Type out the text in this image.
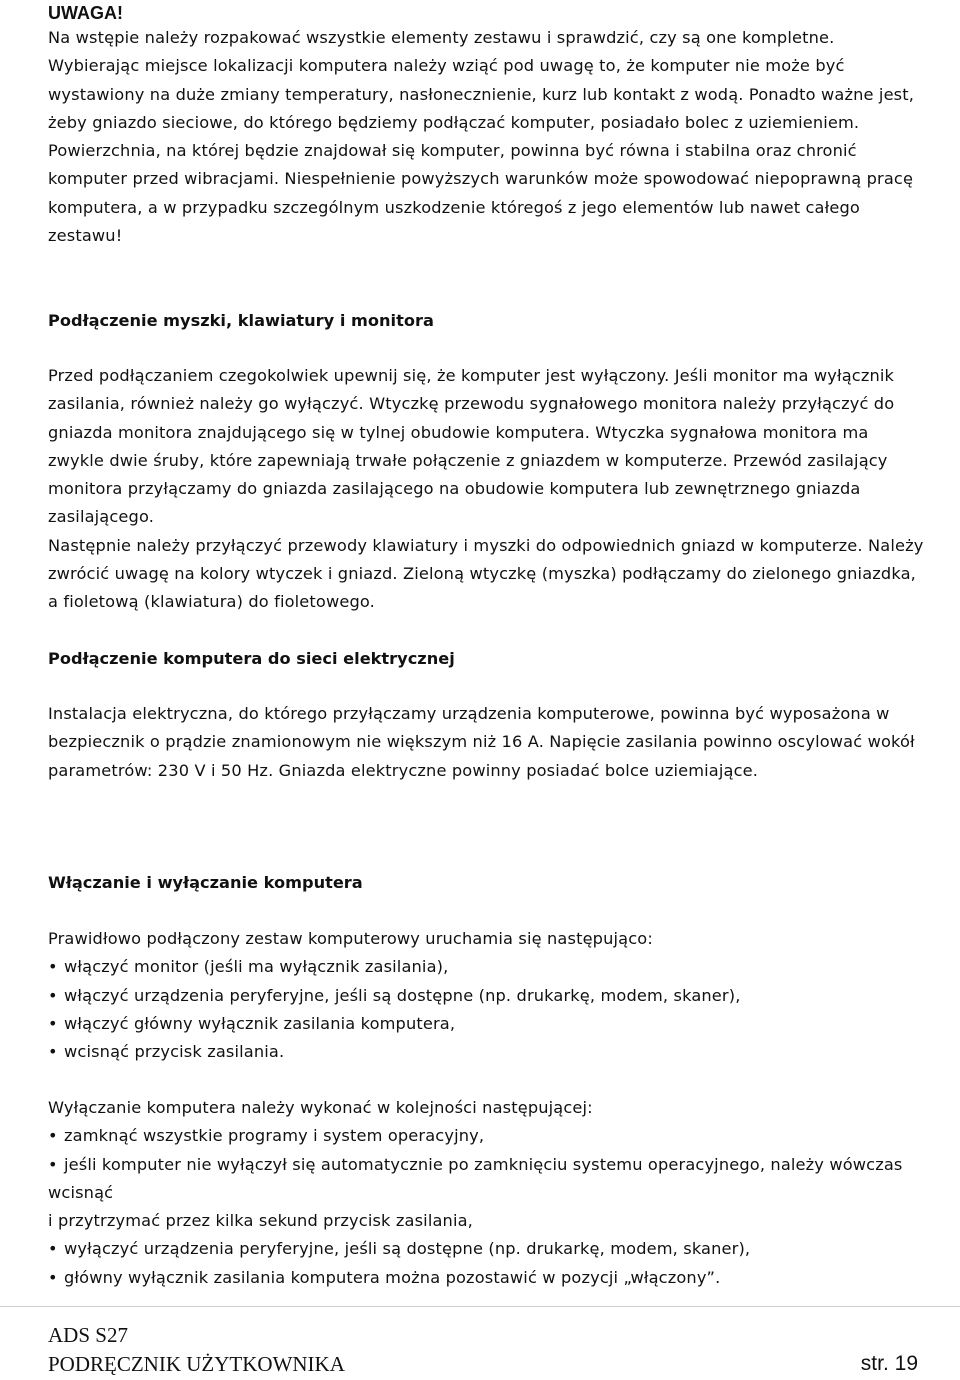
UWAGA!

Na wstępie należy rozpakować wszystkie elementy zestawu i sprawdzić, czy są one kompletne. Wybierając miejsce lokalizacji komputera należy wziąć pod uwagę to, że komputer nie może być wystawiony na duże zmiany temperatury, nasłonecznienie, kurz lub kontakt z wodą. Ponadto ważne jest, żeby gniazdo sieciowe, do którego będziemy podłączać komputer, posiadało bolec z uziemieniem. Powierzchnia, na której będzie znajdował się komputer, powinna być równa i stabilna oraz chronić komputer przed wibracjami. Niespełnienie powyższych warunków może spowodować niepoprawną pracę komputera, a w przypadku szczególnym uszkodzenie któregoś z jego elementów lub nawet całego zestawu!

Podłączenie myszki, klawiatury i monitora

Przed podłączaniem czegokolwiek upewnij się, że komputer jest wyłączony. Jeśli monitor ma wyłącznik zasilania, również należy go wyłączyć. Wtyczkę przewodu sygnałowego monitora należy przyłączyć do gniazda monitora znajdującego się w tylnej obudowie komputera. Wtyczka sygnałowa monitora ma zwykle dwie śruby, które zapewniają trwałe połączenie z gniazdem w komputerze. Przewód zasilający monitora przyłączamy do gniazda zasilającego na obudowie komputera lub zewnętrznego gniazda zasilającego.

Następnie należy przyłączyć przewody klawiatury i myszki do odpowiednich gniazd w komputerze. Należy zwrócić uwagę na kolory wtyczek i gniazd. Zieloną wtyczkę (myszka) podłączamy do zielonego gniazdka, a fioletową (klawiatura) do fioletowego.

Podłączenie komputera do sieci elektrycznej

Instalacja elektryczna, do którego przyłączamy urządzenia komputerowe, powinna być wyposażona w bezpiecznik o prądzie znamionowym nie większym niż 16 A. Napięcie zasilania powinno oscylować wokół parametrów: 230 V i 50 Hz. Gniazda elektryczne powinny posiadać bolce uziemiające.

Włączanie i wyłączanie komputera

Prawidłowo podłączony zestaw komputerowy uruchamia się następująco:

• włączyć monitor (jeśli ma wyłącznik zasilania),

• włączyć urządzenia peryferyjne, jeśli są dostępne (np. drukarkę, modem, skaner),

• włączyć główny wyłącznik zasilania komputera,

• wcisnąć przycisk zasilania.

Wyłączanie komputera należy wykonać w kolejności następującej:

• zamknąć wszystkie programy i system operacyjny,

• jeśli komputer nie wyłączył się automatycznie po zamknięciu systemu operacyjnego, należy wówczas wcisnąć

i przytrzymać przez kilka sekund przycisk zasilania,

• wyłączyć urządzenia peryferyjne, jeśli są dostępne (np. drukarkę, modem, skaner),

• główny wyłącznik zasilania komputera można pozostawić w pozycji „włączony”.

ADS S27
PODRĘCZNIK UŻYTKOWNIKA	str. 19
